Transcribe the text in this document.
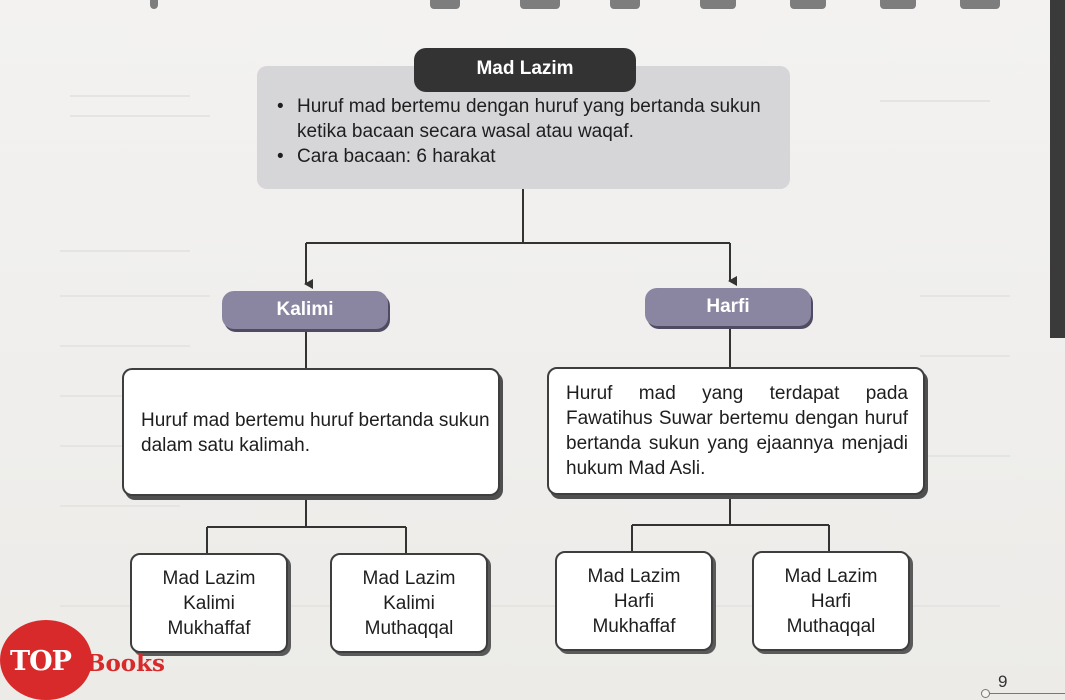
• Huruf mad bertemu dengan huruf yang bertanda sukun ketika bacaan secara wasal atau waqaf.
• Cara bacaan: 6 harakat
Mad Lazim
Kalimi	Harfi
Huruf mad bertemu huruf bertanda sukun dalam satu kalimah.
Huruf mad yang terdapat pada Fawatihus Suwar bertemu dengan huruf bertanda sukun yang ejaannya menjadi hukum Mad Asli.
Mad Lazim
Kalimi
Mukhaffaf
Mad Lazim
Kalimi
Muthaqqal
Mad Lazim
Harfi
Mukhaffaf
Mad Lazim
Harfi
Muthaqqal
TOP Books
9
